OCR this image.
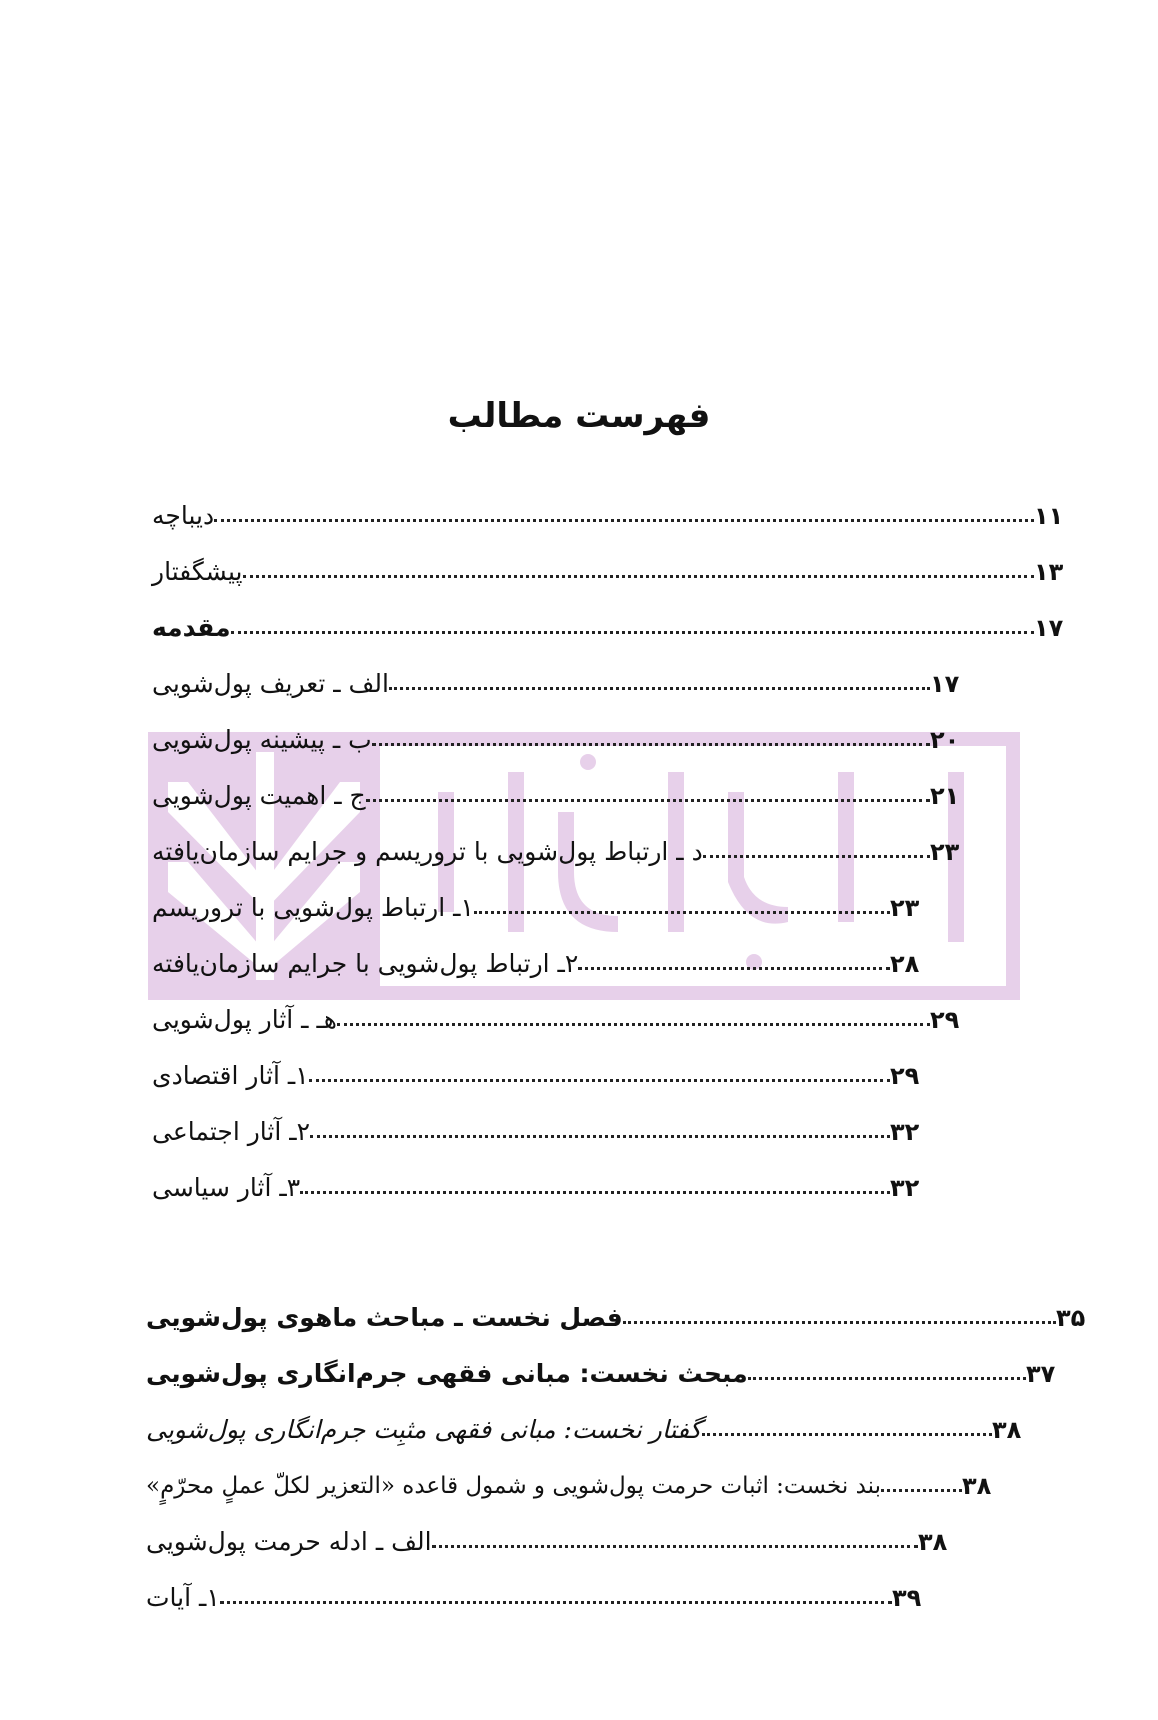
فهرست مطالب
دیباچه	۱۱
پیشگفتار	۱۳
مقدمه	۱۷
الف ـ تعریف پول‌شویی	۱۷
ب ـ پیشینه پول‌شویی	۲۰
ج ـ اهمیت پول‌شویی	۲۱
د ـ ارتباط پول‌شویی با تروریسم و جرایم سازمان‌یافته	۲۳
۱ـ ارتباط پول‌شویی با تروریسم	۲۳
۲ـ ارتباط پول‌شویی با جرایم سازمان‌یافته	۲۸
هـ ـ آثار پول‌شویی	۲۹
۱ـ آثار اقتصادی	۲۹
۲ـ آثار اجتماعی	۳۲
۳ـ آثار سیاسی	۳۲
فصل نخست ـ مباحث ماهوی پول‌شویی	۳۵
مبحث نخست: مبانی فقهی جرم‌انگاری پول‌شویی	۳۷
گفتار نخست: مبانی فقهی مثبِت جرم‌انگاری پول‌شویی	۳۸
بند نخست: اثبات حرمت پول‌شویی و شمول قاعده «التعزیر لکلّ عملٍ محرّمٍ»	۳۸
الف ـ ادله حرمت پول‌شویی	۳۸
۱ـ آیات	۳۹
